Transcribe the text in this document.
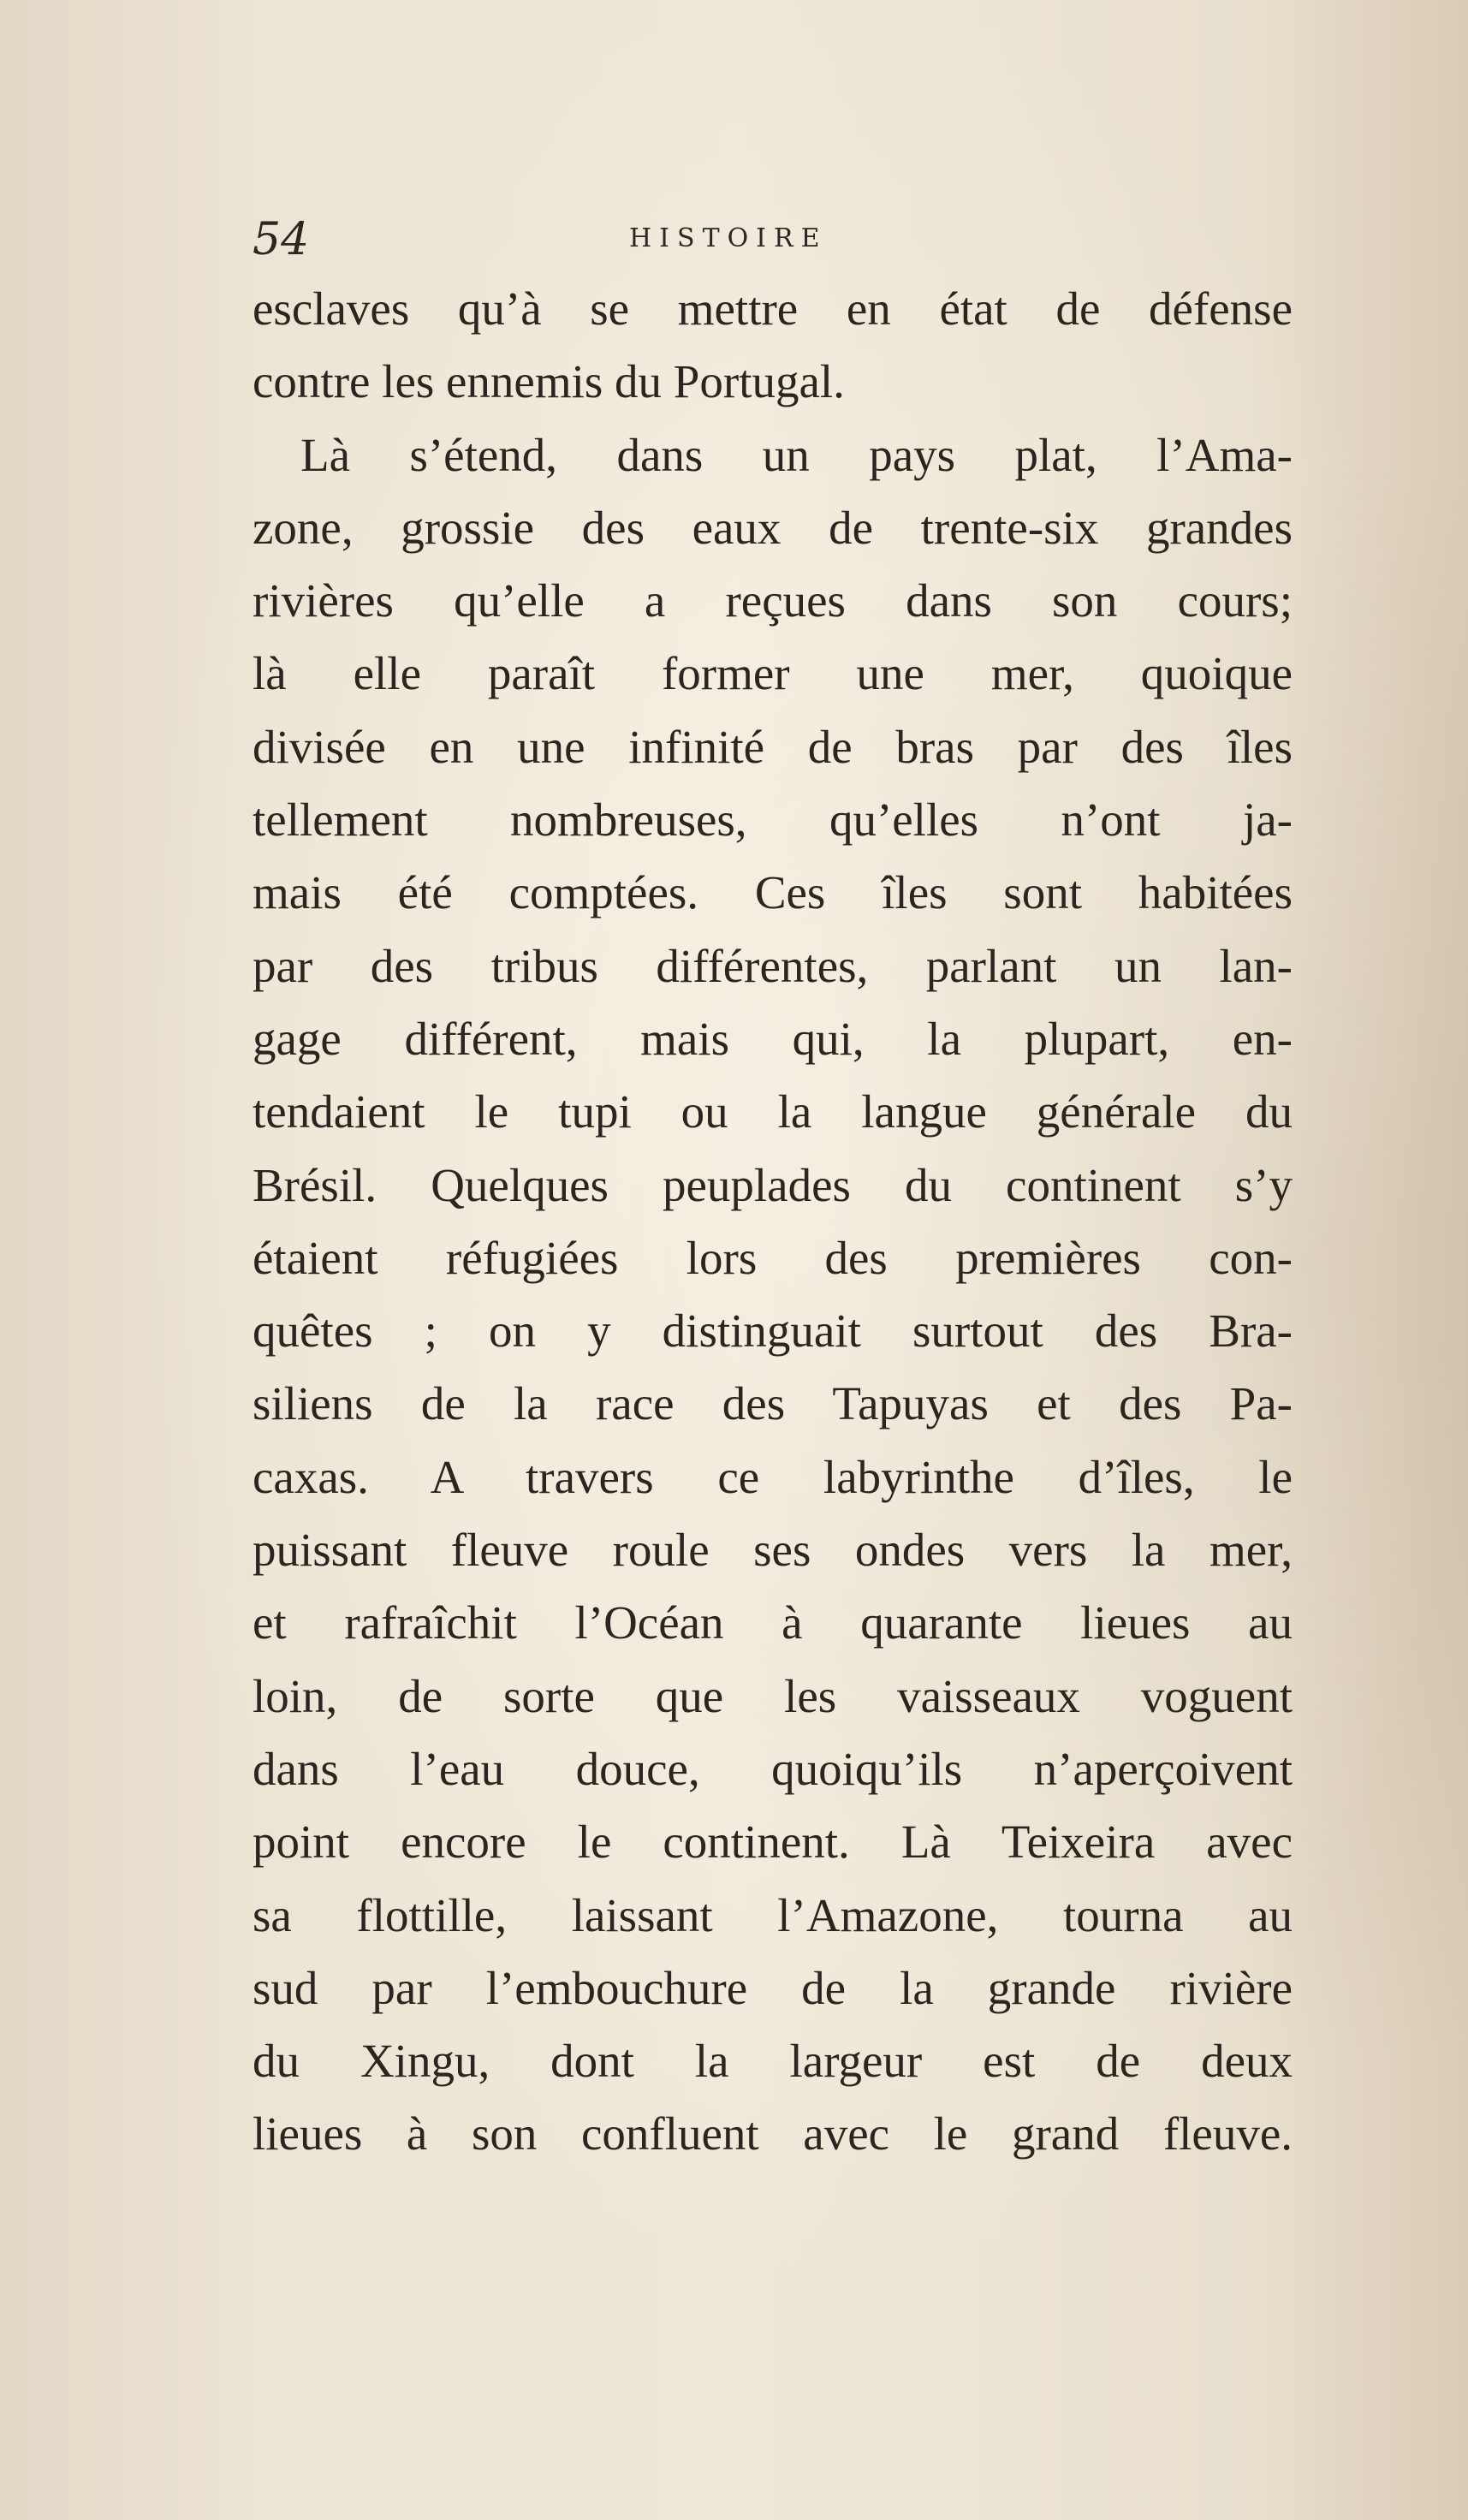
54	HISTOIRE
esclaves qu’à se mettre en état de défense
contre les ennemis du Portugal.
Là s’étend, dans un pays plat, l’Ama-
zone, grossie des eaux de trente-six grandes
rivières qu’elle a reçues dans son cours;
là elle paraît former une mer, quoique
divisée en une infinité de bras par des îles
tellement nombreuses, qu’elles n’ont ja-
mais été comptées. Ces îles sont habitées
par des tribus différentes, parlant un lan-
gage différent, mais qui, la plupart, en-
tendaient le tupi ou la langue générale du
Brésil. Quelques peuplades du continent s’y
étaient réfugiées lors des premières con-
quêtes ; on y distinguait surtout des Bra-
siliens de la race des Tapuyas et des Pa-
caxas. A travers ce labyrinthe d’îles, le
puissant fleuve roule ses ondes vers la mer,
et rafraîchit l’Océan à quarante lieues au
loin, de sorte que les vaisseaux voguent
dans l’eau douce, quoiqu’ils n’aperçoivent
point encore le continent. Là Teixeira avec
sa flottille, laissant l’Amazone, tourna au
sud par l’embouchure de la grande rivière
du Xingu, dont la largeur est de deux
lieues à son confluent avec le grand fleuve.
